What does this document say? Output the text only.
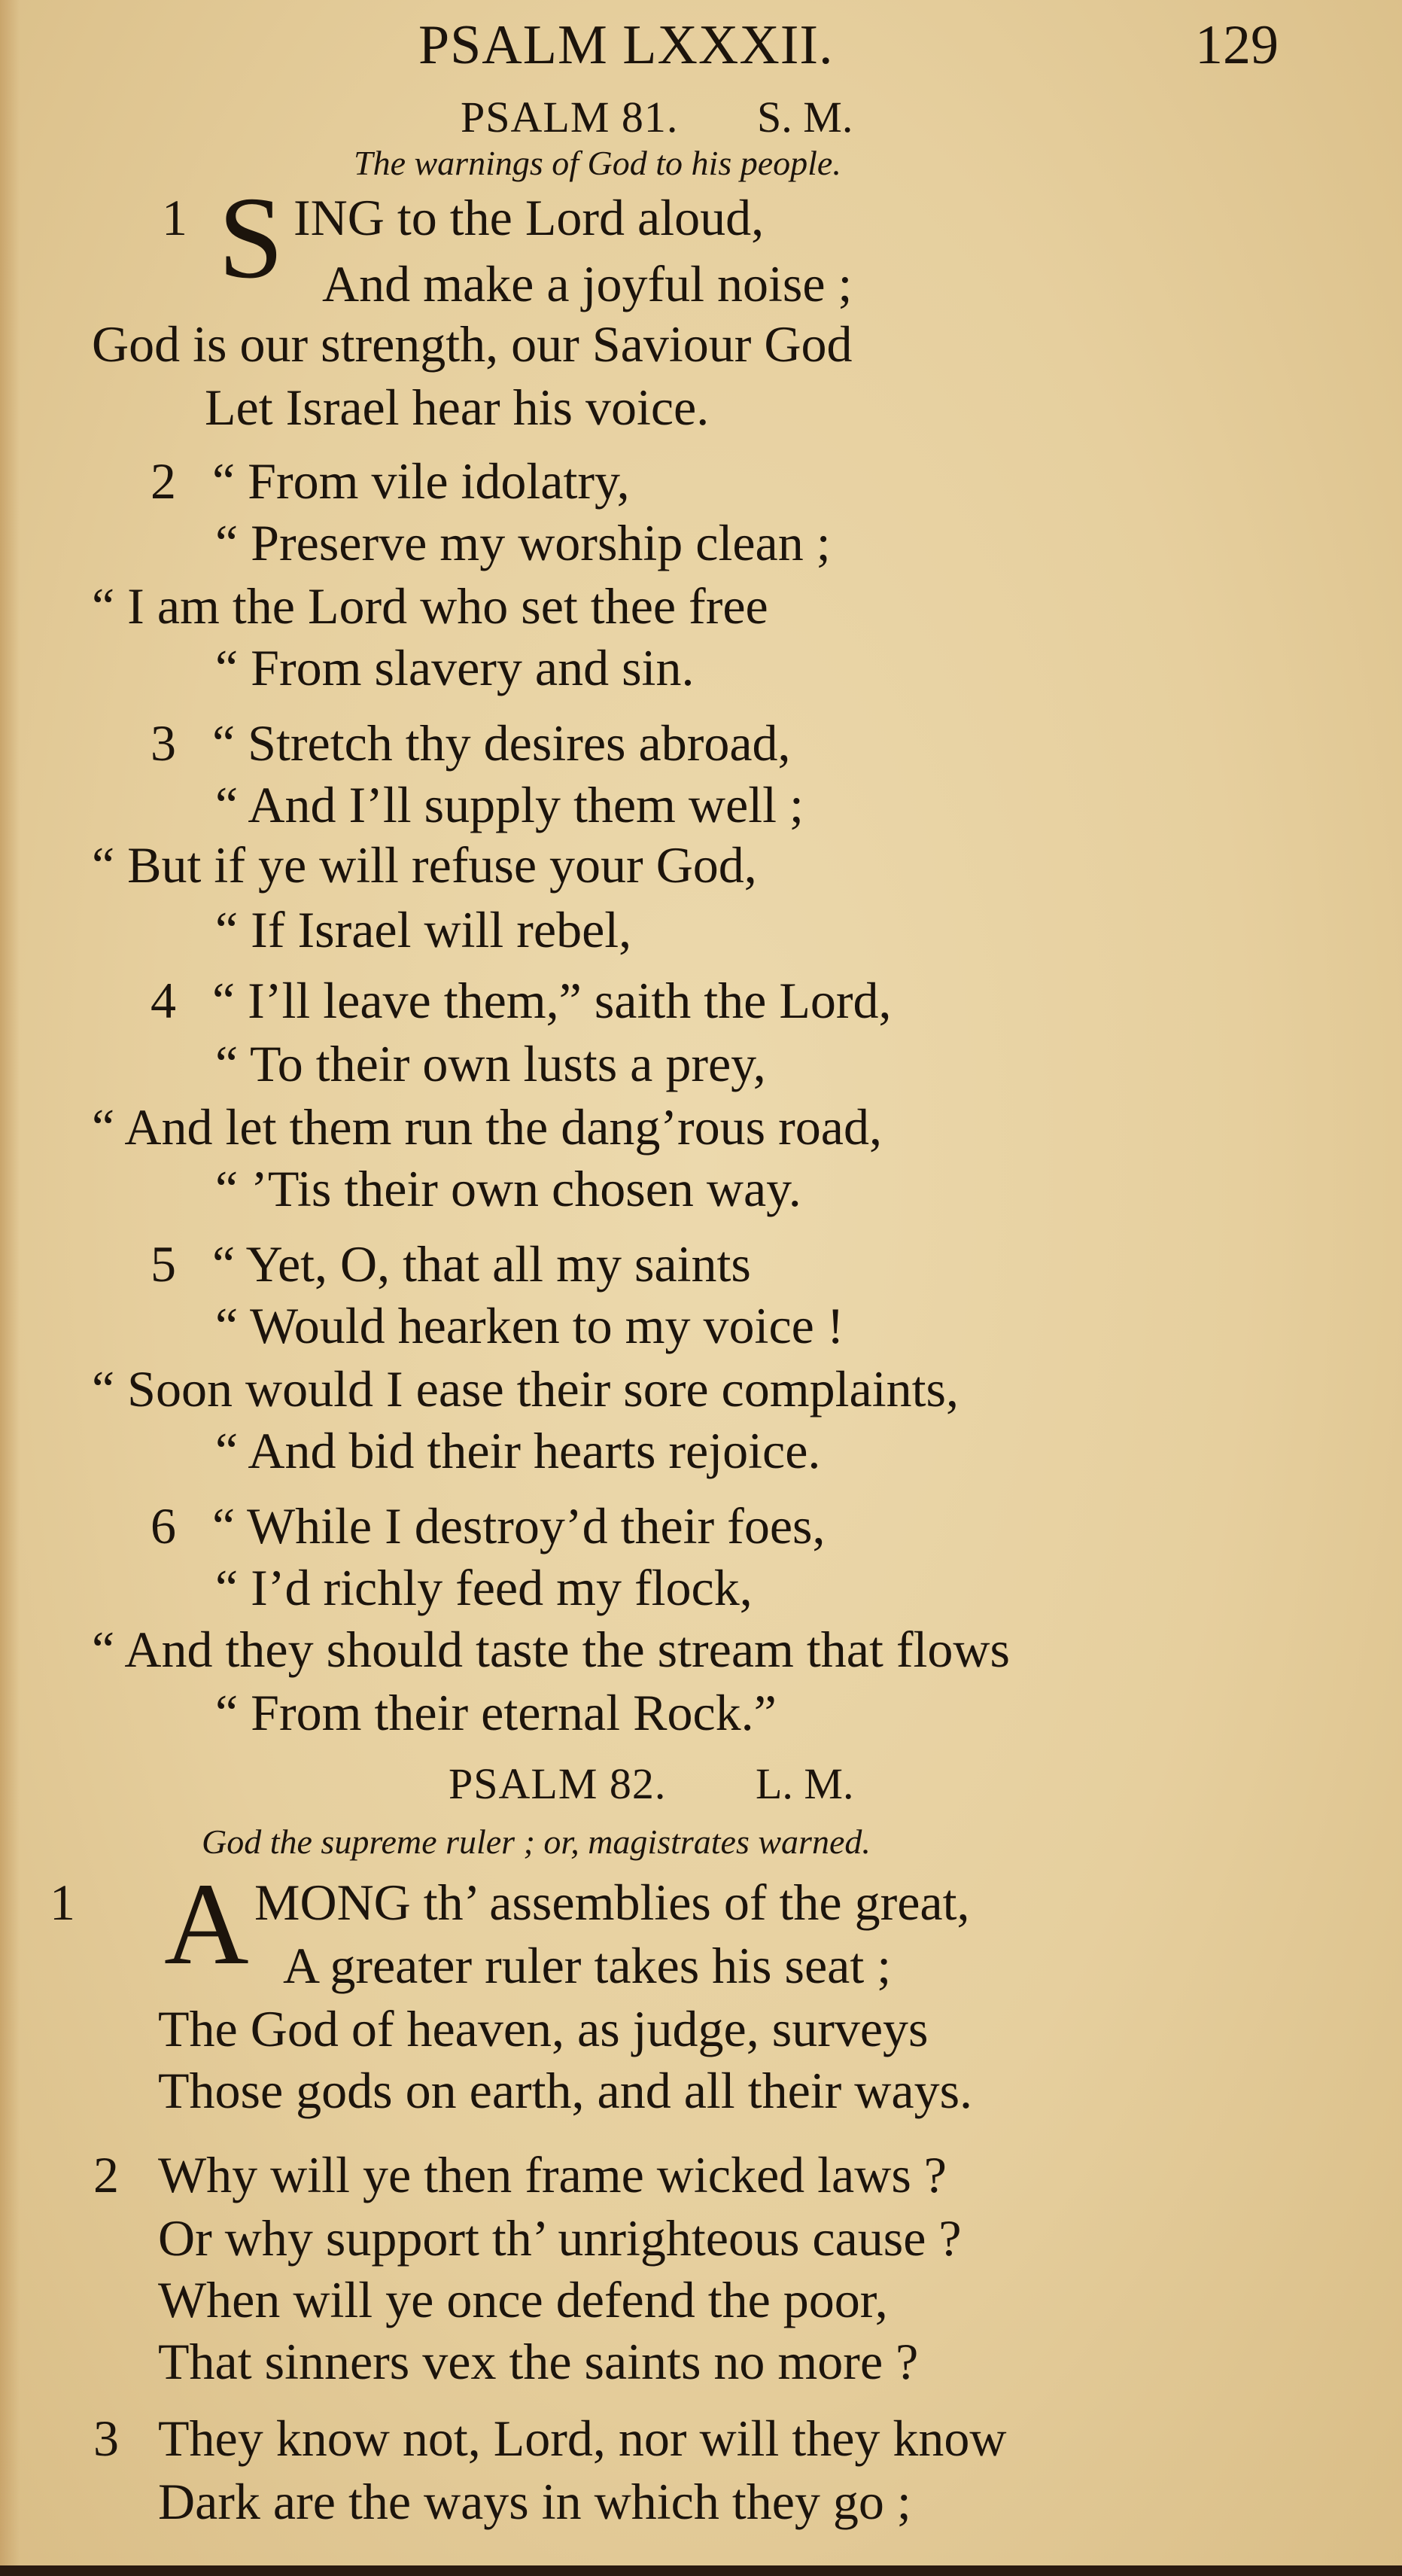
PSALM LXXXII.	129
PSALM 81. S. M.
The warnings of God to his people.
1 S ING to the Lord aloud,
And make a joyful noise ;
God is our strength, our Saviour God
Let Israel hear his voice.
2 “ From vile idolatry,
“ Preserve my worship clean ;
“ I am the Lord who set thee free
“ From slavery and sin.
3 “ Stretch thy desires abroad,
“ And I’ll supply them well ;
“ But if ye will refuse your God,
“ If Israel will rebel,
4 “ I’ll leave them,” saith the Lord,
“ To their own lusts a prey,
“ And let them run the dang’rous road,
“ ’Tis their own chosen way.
5 “ Yet, O, that all my saints
“ Would hearken to my voice !
“ Soon would I ease their sore complaints,
“ And bid their hearts rejoice.
6 “ While I destroy’d their foes,
“ I’d richly feed my flock,
“ And they should taste the stream that flows
“ From their eternal Rock.”
PSALM 82. L. M.
God the supreme ruler ; or, magistrates warned.
1 A MONG th’ assemblies of the great,
A greater ruler takes his seat ;
The God of heaven, as judge, surveys
Those gods on earth, and all their ways.
2 Why will ye then frame wicked laws ?
Or why support th’ unrighteous cause ?
When will ye once defend the poor,
That sinners vex the saints no more ?
3 They know not, Lord, nor will they know
Dark are the ways in which they go ;
